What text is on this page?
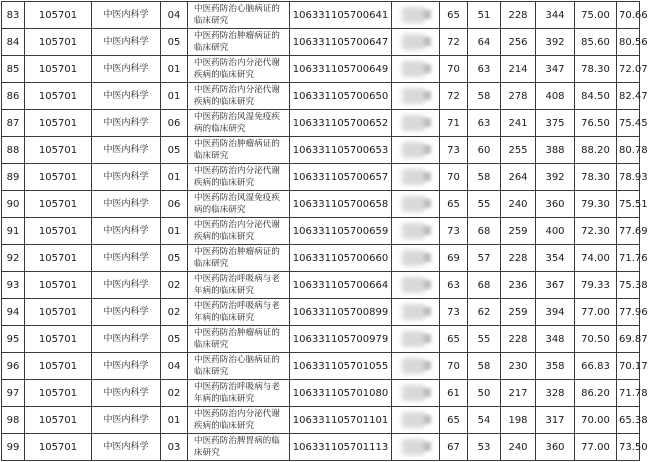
83	105701	中医内科学	04	中医药防治心脑病证的临床研究	106331105700641		65	51	228	344	75.00	70.66
84	105701	中医内科学	05	中医药防治肿瘤病证的临床研究	106331105700647		72	64	256	392	85.60	80.56
85	105701	中医内科学	01	中医药防治内分泌代谢疾病的临床研究	106331105700649		70	63	214	347	78.30	72.07
86	105701	中医内科学	01	中医药防治内分泌代谢疾病的临床研究	106331105700650		72	58	278	408	84.50	82.47
87	105701	中医内科学	06	中医药防治风湿免疫疾病的临床研究	106331105700652		71	63	241	375	76.50	75.45
88	105701	中医内科学	05	中医药防治肿瘤病证的临床研究	106331105700653		73	60	255	388	88.20	80.78
89	105701	中医内科学	01	中医药防治内分泌代谢疾病的临床研究	106331105700657		70	58	264	392	78.30	78.93
90	105701	中医内科学	06	中医药防治风湿免疫疾病的临床研究	106331105700658		65	55	240	360	79.30	75.51
91	105701	中医内科学	01	中医药防治内分泌代谢疾病的临床研究	106331105700659		73	68	259	400	72.30	77.69
92	105701	中医内科学	05	中医药防治肿瘤病证的临床研究	106331105700660		69	57	228	354	74.00	71.76
93	105701	中医内科学	02	中医药防治呼吸病与老年病的临床研究	106331105700664		63	68	236	367	79.33	75.38
94	105701	中医内科学	02	中医药防治呼吸病与老年病的临床研究	106331105700899		73	62	259	394	77.00	77.96
95	105701	中医内科学	05	中医药防治肿瘤病证的临床研究	106331105700979		65	55	228	348	70.50	69.87
96	105701	中医内科学	04	中医药防治心脑病证的临床研究	106331105701055		70	58	230	358	66.83	70.17
97	105701	中医内科学	02	中医药防治呼吸病与老年病的临床研究	106331105701080		61	50	217	328	86.20	71.78
98	105701	中医内科学	01	中医药防治内分泌代谢疾病的临床研究	106331105701101		65	54	198	317	70.00	65.38
99	105701	中医内科学	03	中医药防治脾胃病的临床研究	106331105701113		67	53	240	360	77.00	73.50
